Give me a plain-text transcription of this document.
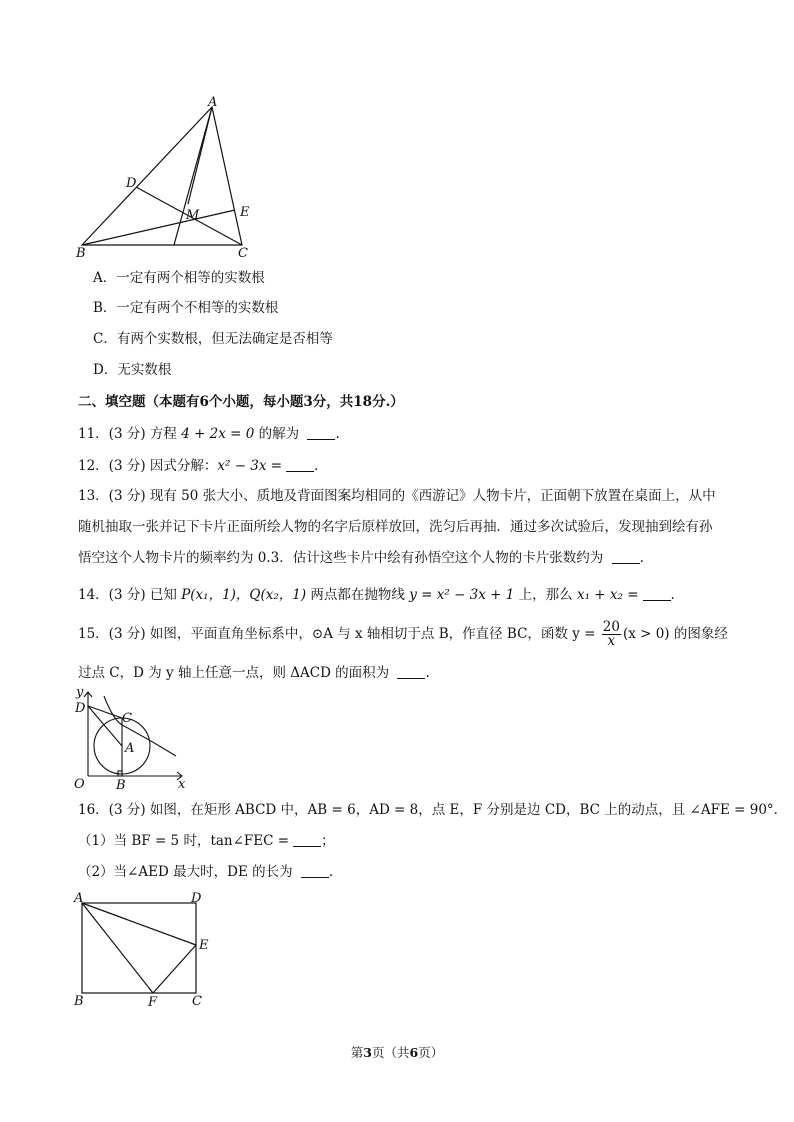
A
D
M	E
B	C
A．一定有两个相等的实数根
B．一定有两个不相等的实数根
C．有两个实数根，但无法确定是否相等
D．无实数根
二、填空题（本题有6个小题，每小题3分，共18分.）
11．(3 分) 方程 4 + 2x = 0 的解为 .
12．(3 分) 因式分解：x² − 3x = .
13．(3 分) 现有 50 张大小、质地及背面图案均相同的《西游记》人物卡片，正面朝下放置在桌面上，从中随机抽取一张并记下卡片正面所绘人物的名字后原样放回，洗匀后再抽．通过多次试验后，发现抽到绘有孙悟空这个人物卡片的频率约为 0.3．估计这些卡片中绘有孙悟空这个人物的卡片张数约为 .
14．(3 分) 已知 P(x₁，1)，Q(x₂，1) 两点都在抛物线 y = x² − 3x + 1 上，那么 x₁ + x₂ = .
15．(3 分) 如图，平面直角坐标系中，⊙A 与 x 轴相切于点 B，作直径 BC，函数 $y = \frac{20}{x} (x > 0)$ 的图象经
过点 C，D 为 y 轴上任意一点，则 ΔACD 的面积为 .
y
D
C
A
O B	x
16．(3 分) 如图，在矩形 ABCD 中，AB = 6，AD = 8，点 E，F 分别是边 CD，BC 上的动点，且 ∠AFE = 90°．
（1）当 BF = 5 时，tan∠FEC = ；
（2）当∠AED 最大时，DE 的长为 .
A	D
E
B	F	C
第3页（共6页）
